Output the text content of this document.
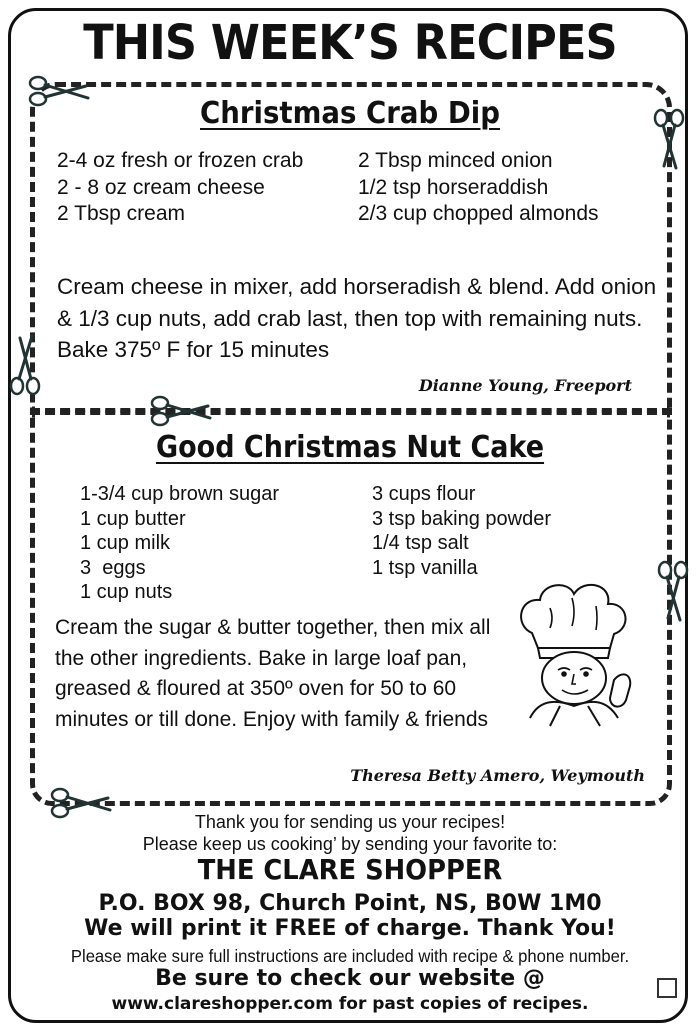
THIS WEEK’S RECIPES
Christmas Crab Dip
2-4 oz fresh or frozen crab
2 - 8 oz cream cheese
2 Tbsp cream
2 Tbsp minced onion
1/2 tsp horseraddish
2/3 cup chopped almonds
Cream cheese in mixer, add horseradish & blend. Add onion & 1/3 cup nuts, add crab last, then top with remaining nuts. Bake 375º F for 15 minutes
Dianne Young, Freeport
Good Christmas Nut Cake
1-3/4 cup brown sugar
1 cup butter
1 cup milk
3  eggs
1 cup nuts
3 cups flour
3 tsp baking powder
1/4 tsp salt
1 tsp vanilla
Cream the sugar & butter together, then mix all the other ingredients. Bake in large loaf pan, greased & floured at 350º oven for 50 to 60 minutes or till done. Enjoy with family & friends
Theresa Betty Amero, Weymouth
Thank you for sending us your recipes!
Please keep us cooking’ by sending your favorite to:
THE CLARE SHOPPER
P.O. BOX 98, Church Point, NS, B0W 1M0
We will print it FREE of charge. Thank You!
Please make sure full instructions are included with recipe & phone number.
Be sure to check our website @
www.clareshopper.com for past copies of recipes.
